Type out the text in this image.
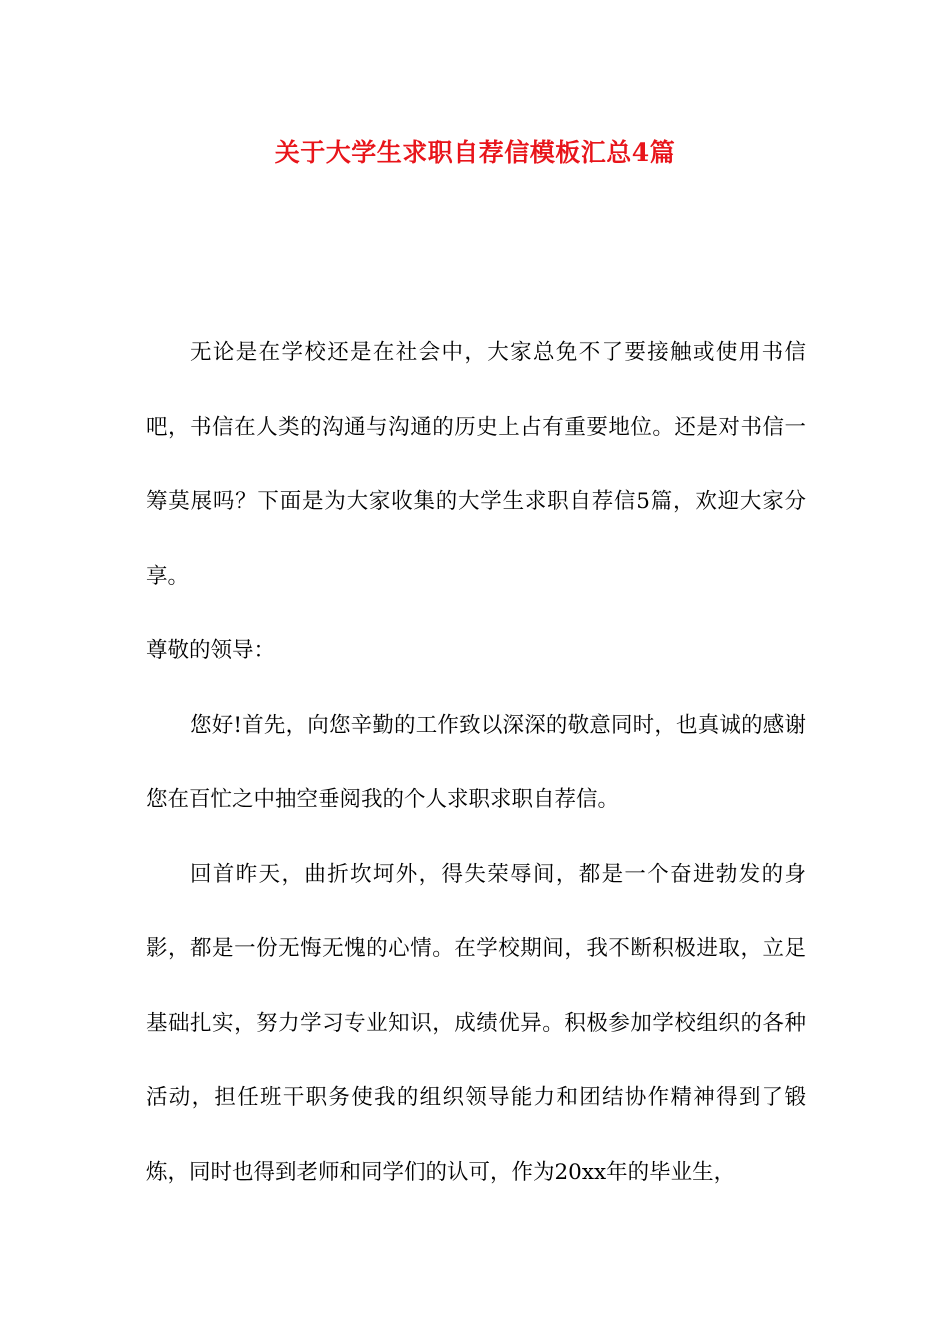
关于大学生求职自荐信模板汇总4篇

无论是在学校还是在社会中，大家总免不了要接触或使用书信吧，书信在人类的沟通与沟通的历史上占有重要地位。还是对书信一筹莫展吗？下面是为大家收集的大学生求职自荐信5篇，欢迎大家分享。

尊敬的领导：

您好!首先，向您辛勤的工作致以深深的敬意同时，也真诚的感谢您在百忙之中抽空垂阅我的个人求职求职自荐信。

回首昨天，曲折坎坷外，得失荣辱间，都是一个奋进勃发的身影，都是一份无悔无愧的心情。在学校期间，我不断积极进取，立足基础扎实，努力学习专业知识，成绩优异。积极参加学校组织的各种活动，担任班干职务使我的组织领导能力和团结协作精神得到了锻炼，同时也得到老师和同学们的认可，作为20xx年的毕业生，
